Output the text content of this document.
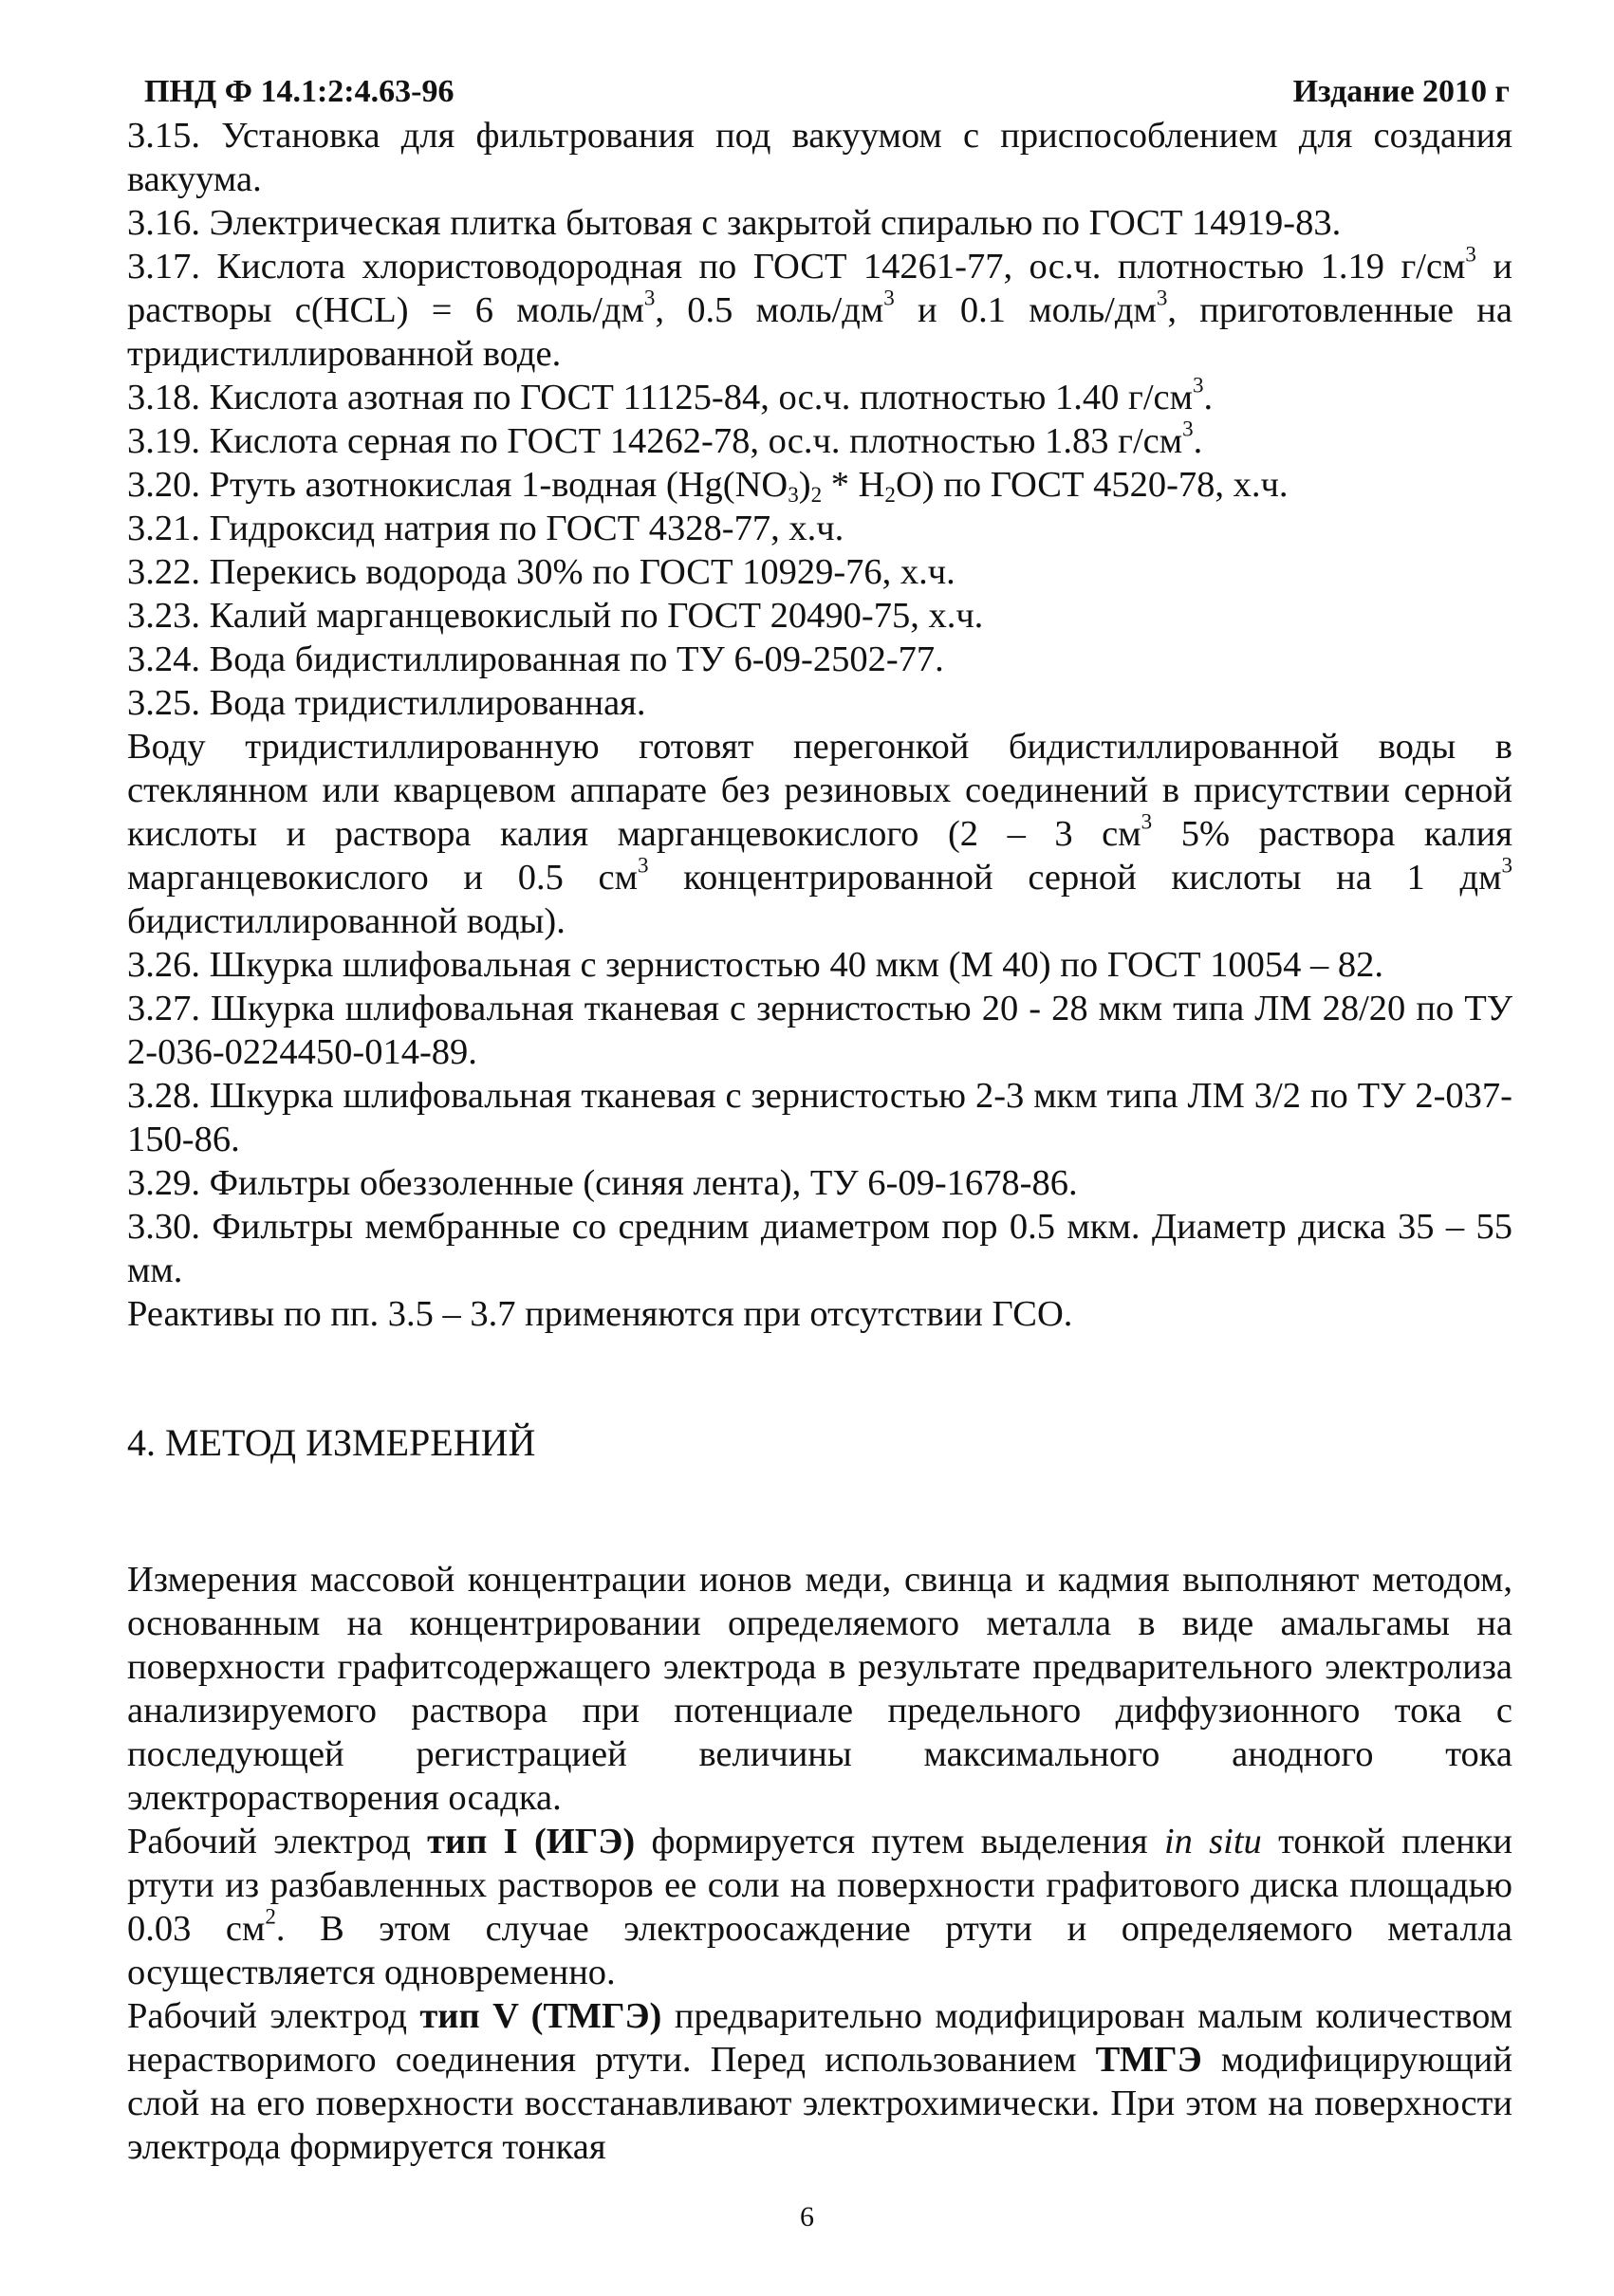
ПНД Ф 14.1:2:4.63-96	Издание 2010 г

3.15. Установка для фильтрования под вакуумом с приспособлением для создания вакуума.

3.16. Электрическая плитка бытовая с закрытой спиралью по ГОСТ 14919-83.

3.17. Кислота хлористоводородная по ГОСТ 14261-77, ос.ч. плотностью 1.19 $г/см^3$ и растворы с(HCL) = 6 моль/$дм^3$, 0.5 моль/$дм^3$ и 0.1 моль/$дм^3$, приготовленные на тридистиллированной воде.

3.18. Кислота азотная по ГОСТ 11125-84, ос.ч. плотностью 1.40 $г/см^3$.

3.19. Кислота серная по ГОСТ 14262-78, ос.ч. плотностью 1.83 $г/см^3$.

3.20. Ртуть азотнокислая 1-водная $(Hg(NO_3)_2 * H_2O)$ по ГОСТ 4520-78, х.ч.

3.21. Гидроксид натрия по ГОСТ 4328-77, х.ч.

3.22. Перекись водорода 30% по ГОСТ 10929-76, х.ч.

3.23. Калий марганцевокислый по ГОСТ 20490-75, х.ч.

3.24. Вода бидистиллированная по ТУ 6-09-2502-77.

3.25. Вода тридистиллированная.

Воду тридистиллированную готовят перегонкой бидистиллированной воды в стеклянном или кварцевом аппарате без резиновых соединений в присутствии серной кислоты и раствора калия марганцевокислого (2 – 3 $см^3$ 5% раствора калия марганцевокислого и 0.5 $см^3$ концентрированной серной кислоты на 1 $дм^3$ бидистиллированной воды).

3.26. Шкурка шлифовальная с зернистостью 40 мкм (М 40) по ГОСТ 10054 – 82.

3.27. Шкурка шлифовальная тканевая с зернистостью 20 - 28 мкм типа ЛМ 28/20 по ТУ 2-036-0224450-014-89.

3.28. Шкурка шлифовальная тканевая с зернистостью 2-3 мкм типа ЛМ 3/2 по ТУ 2-037-150-86.

3.29. Фильтры обеззоленные (синяя лента), ТУ 6-09-1678-86.

3.30. Фильтры мембранные со средним диаметром пор 0.5 мкм. Диаметр диска 35 – 55 мм.

Реактивы по пп. 3.5 – 3.7 применяются при отсутствии ГСО.

4. МЕТОД ИЗМЕРЕНИЙ

Измерения массовой концентрации ионов меди, свинца и кадмия выполняют методом, основанным на концентрировании определяемого металла в виде амальгамы на поверхности графитсодержащего электрода в результате предварительного электролиза анализируемого раствора при потенциале предельного диффузионного тока с последующей регистрацией величины максимального анодного тока электрорастворения осадка.

Рабочий электрод тип I (ИГЭ) формируется путем выделения in situ тонкой пленки ртути из разбавленных растворов ее соли на поверхности графитового диска площадью 0.03 $см^2$. В этом случае электроосаждение ртути и определяемого металла осуществляется одновременно.

Рабочий электрод тип V (ТМГЭ) предварительно модифицирован малым количеством нерастворимого соединения ртути. Перед использованием ТМГЭ модифицирующий слой на его поверхности восстанавливают электрохимически. При этом на поверхности электрода формируется тонкая

6
